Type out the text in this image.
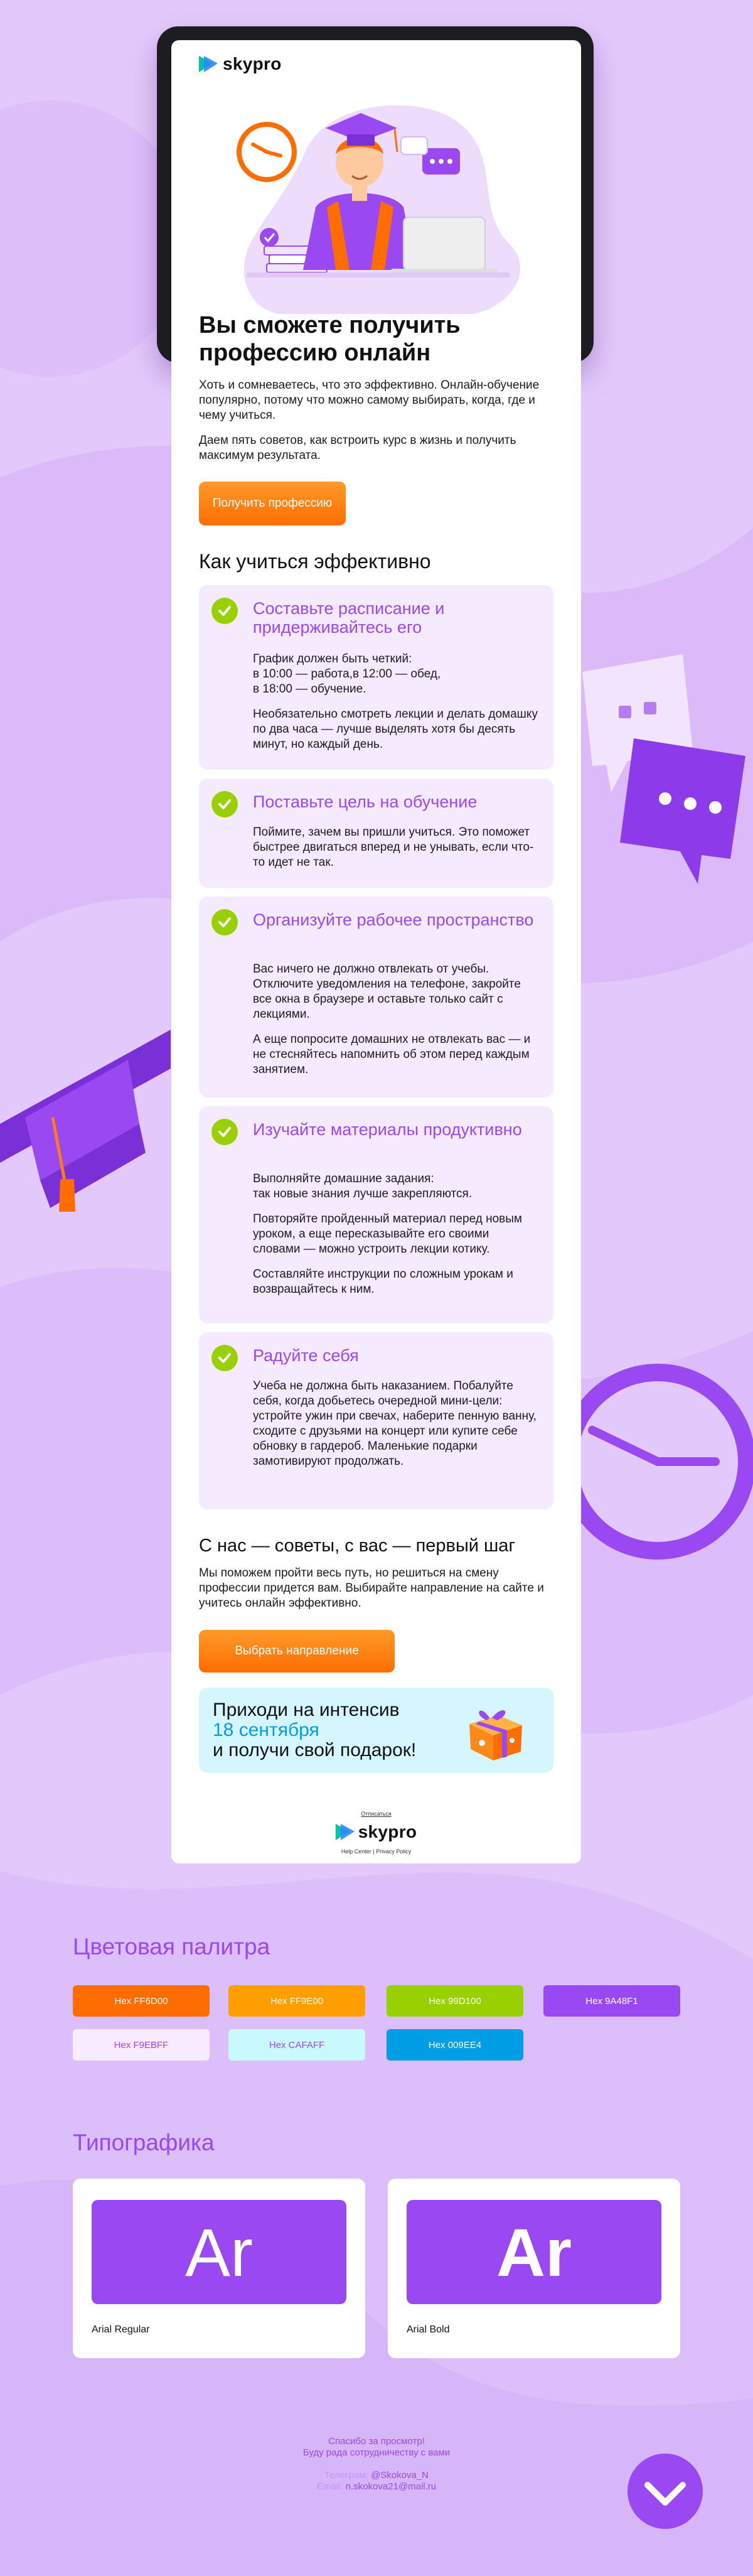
skypro
Вы сможете получить профессию онлайн

Хоть и сомневаетесь, что это эффективно. Онлайн-обучение популярно, потому что можно самому выбирать, когда, где и чему учиться.

Даем пять советов, как встроить курс в жизнь и получить максимум результата.

Получить профессию
Как учиться эффективно
Составьте расписание и придерживайтесь его

График должен быть четкий:
в 10:00 — работа,в 12:00 — обед,
в 18:00 — обучение.

Необязательно смотреть лекции и делать домашку по два часа — лучше выделять хотя бы десять минут, но каждый день.

Поставьте цель на обучение

Поймите, зачем вы пришли учиться. Это поможет быстрее двигаться вперед и не унывать, если что-то идет не так.

Организуйте рабочее пространство

Вас ничего не должно отвлекать от учебы. Отключите уведомления на телефоне, закройте все окна в браузере и оставьте только сайт с лекциями.

А еще попросите домашних не отвлекать вас — и не стесняйтесь напомнить об этом перед каждым занятием.

Изучайте материалы продуктивно

Выполняйте домашние задания:
так новые знания лучше закрепляются.

Повторяйте пройденный материал перед новым уроком, а еще пересказывайте его своими словами — можно устроить лекции котику.

Составляйте инструкции по сложным урокам и возвращайтесь к ним.

Радуйте себя

Учеба не должна быть наказанием. Побалуйте себя, когда добьетесь очередной мини-цели: устройте ужин при свечах, наберите пенную ванну, сходите с друзьями на концерт или купите себе обновку в гардероб. Маленькие подарки замотивируют продолжать.

С нас — советы, с вас — первый шаг

Мы поможем пройти весь путь, но решиться на смену профессии придется вам. Выбирайте направление на сайте и учитесь онлайн эффективно.

Выбрать направление
Приходи на интенсив
18 сентября
и получи свой подарок!
Отписаться
skypro
Help Center | Privacy Policy
Цветовая палитра
Hex FF6D00	Hex FF9E00	Hex 99D100	Hex 9A48F1
Hex F9EBFF	Hex CAFAFF	Hex 009EE4
Типографика
Ar
Arial Regular
Ar
Arial Bold
Спасибо за просмотр!
Буду рада сотрудничеству с вами
Телеграм: @Skokova_N
Email: n.skokova21@mail.ru
